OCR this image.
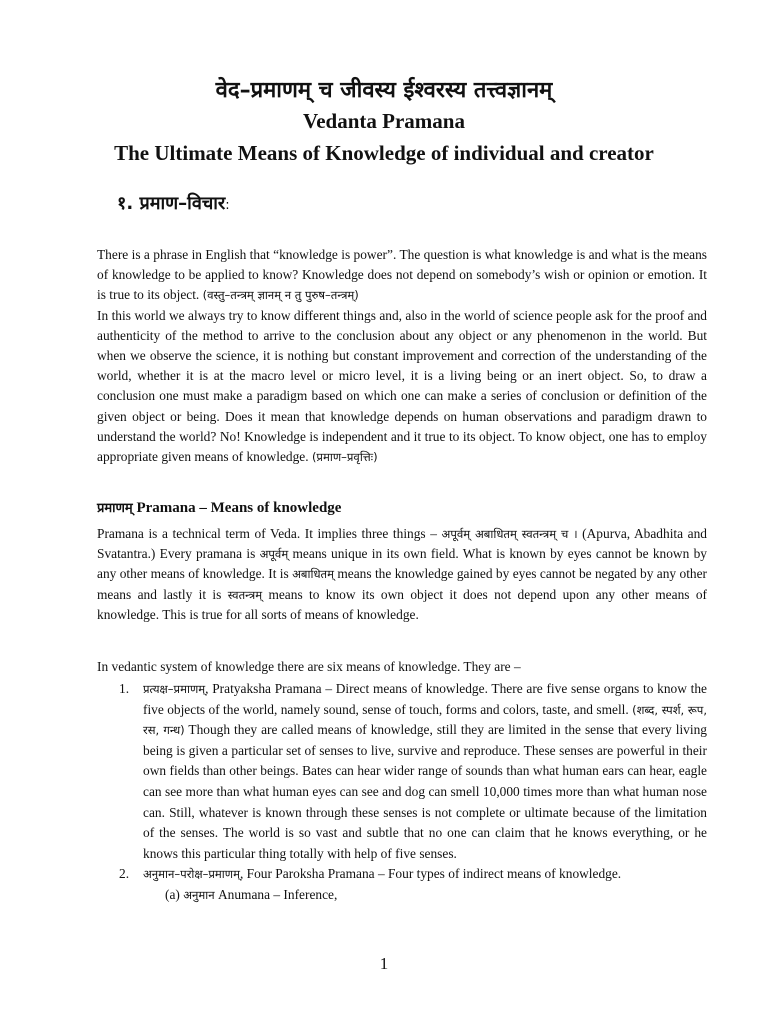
वेद–प्रमाणम् च जीवस्य ईश्वरस्य तत्त्वज्ञानम्
Vedanta Pramana
The Ultimate Means of Knowledge of individual and creator
१. प्रमाण–विचार:

There is a phrase in English that “knowledge is power”. The question is what knowledge is and what is the means of knowledge to be applied to know? Knowledge does not depend on somebody’s wish or opinion or emotion. It is true to its object. (वस्तु–तन्त्रम् ज्ञानम् न तु पुरुष–तन्त्रम्)

In this world we always try to know different things and, also in the world of science people ask for the proof and authenticity of the method to arrive to the conclusion about any object or any phenomenon in the world. But when we observe the science, it is nothing but constant improvement and correction of the understanding of the world, whether it is at the macro level or micro level, it is a living being or an inert object. So, to draw a conclusion one must make a paradigm based on which one can make a series of conclusion or definition of the given object or being. Does it mean that knowledge depends on human observations and paradigm drawn to understand the world? No! Knowledge is independent and it true to its object. To know object, one has to employ appropriate given means of knowledge. (प्रमाण–प्रवृत्तिः)

प्रमाणम् Pramana – Means of knowledge

Pramana is a technical term of Veda. It implies three things – अपूर्वम् अबाधितम् स्वतन्त्रम् च । (Apurva, Abadhita and Svatantra.) Every pramana is अपूर्वम् means unique in its own field. What is known by eyes cannot be known by any other means of knowledge. It is अबाधितम् means the knowledge gained by eyes cannot be negated by any other means and lastly it is स्वतन्त्रम् means to know its own object it does not depend upon any other means of knowledge. This is true for all sorts of means of knowledge.

In vedantic system of knowledge there are six means of knowledge. They are –

1. प्रत्यक्ष–प्रमाणम्, Pratyaksha Pramana – Direct means of knowledge. There are five sense organs to know the five objects of the world, namely sound, sense of touch, forms and colors, taste, and smell. (शब्द, स्पर्श, रूप, रस, गन्ध) Though they are called means of knowledge, still they are limited in the sense that every living being is given a particular set of senses to live, survive and reproduce. These senses are powerful in their own fields than other beings. Bates can hear wider range of sounds than what human ears can hear, eagle can see more than what human eyes can see and dog can smell 10,000 times more than what human nose can. Still, whatever is known through these senses is not complete or ultimate because of the limitation of the senses. The world is so vast and subtle that no one can claim that he knows everything, or he knows this particular thing totally with help of five senses.
2. अनुमान–परोक्ष–प्रमाणम्, Four Paroksha Pramana – Four types of indirect means of knowledge.
(a) अनुमान Anumana – Inference,
1
